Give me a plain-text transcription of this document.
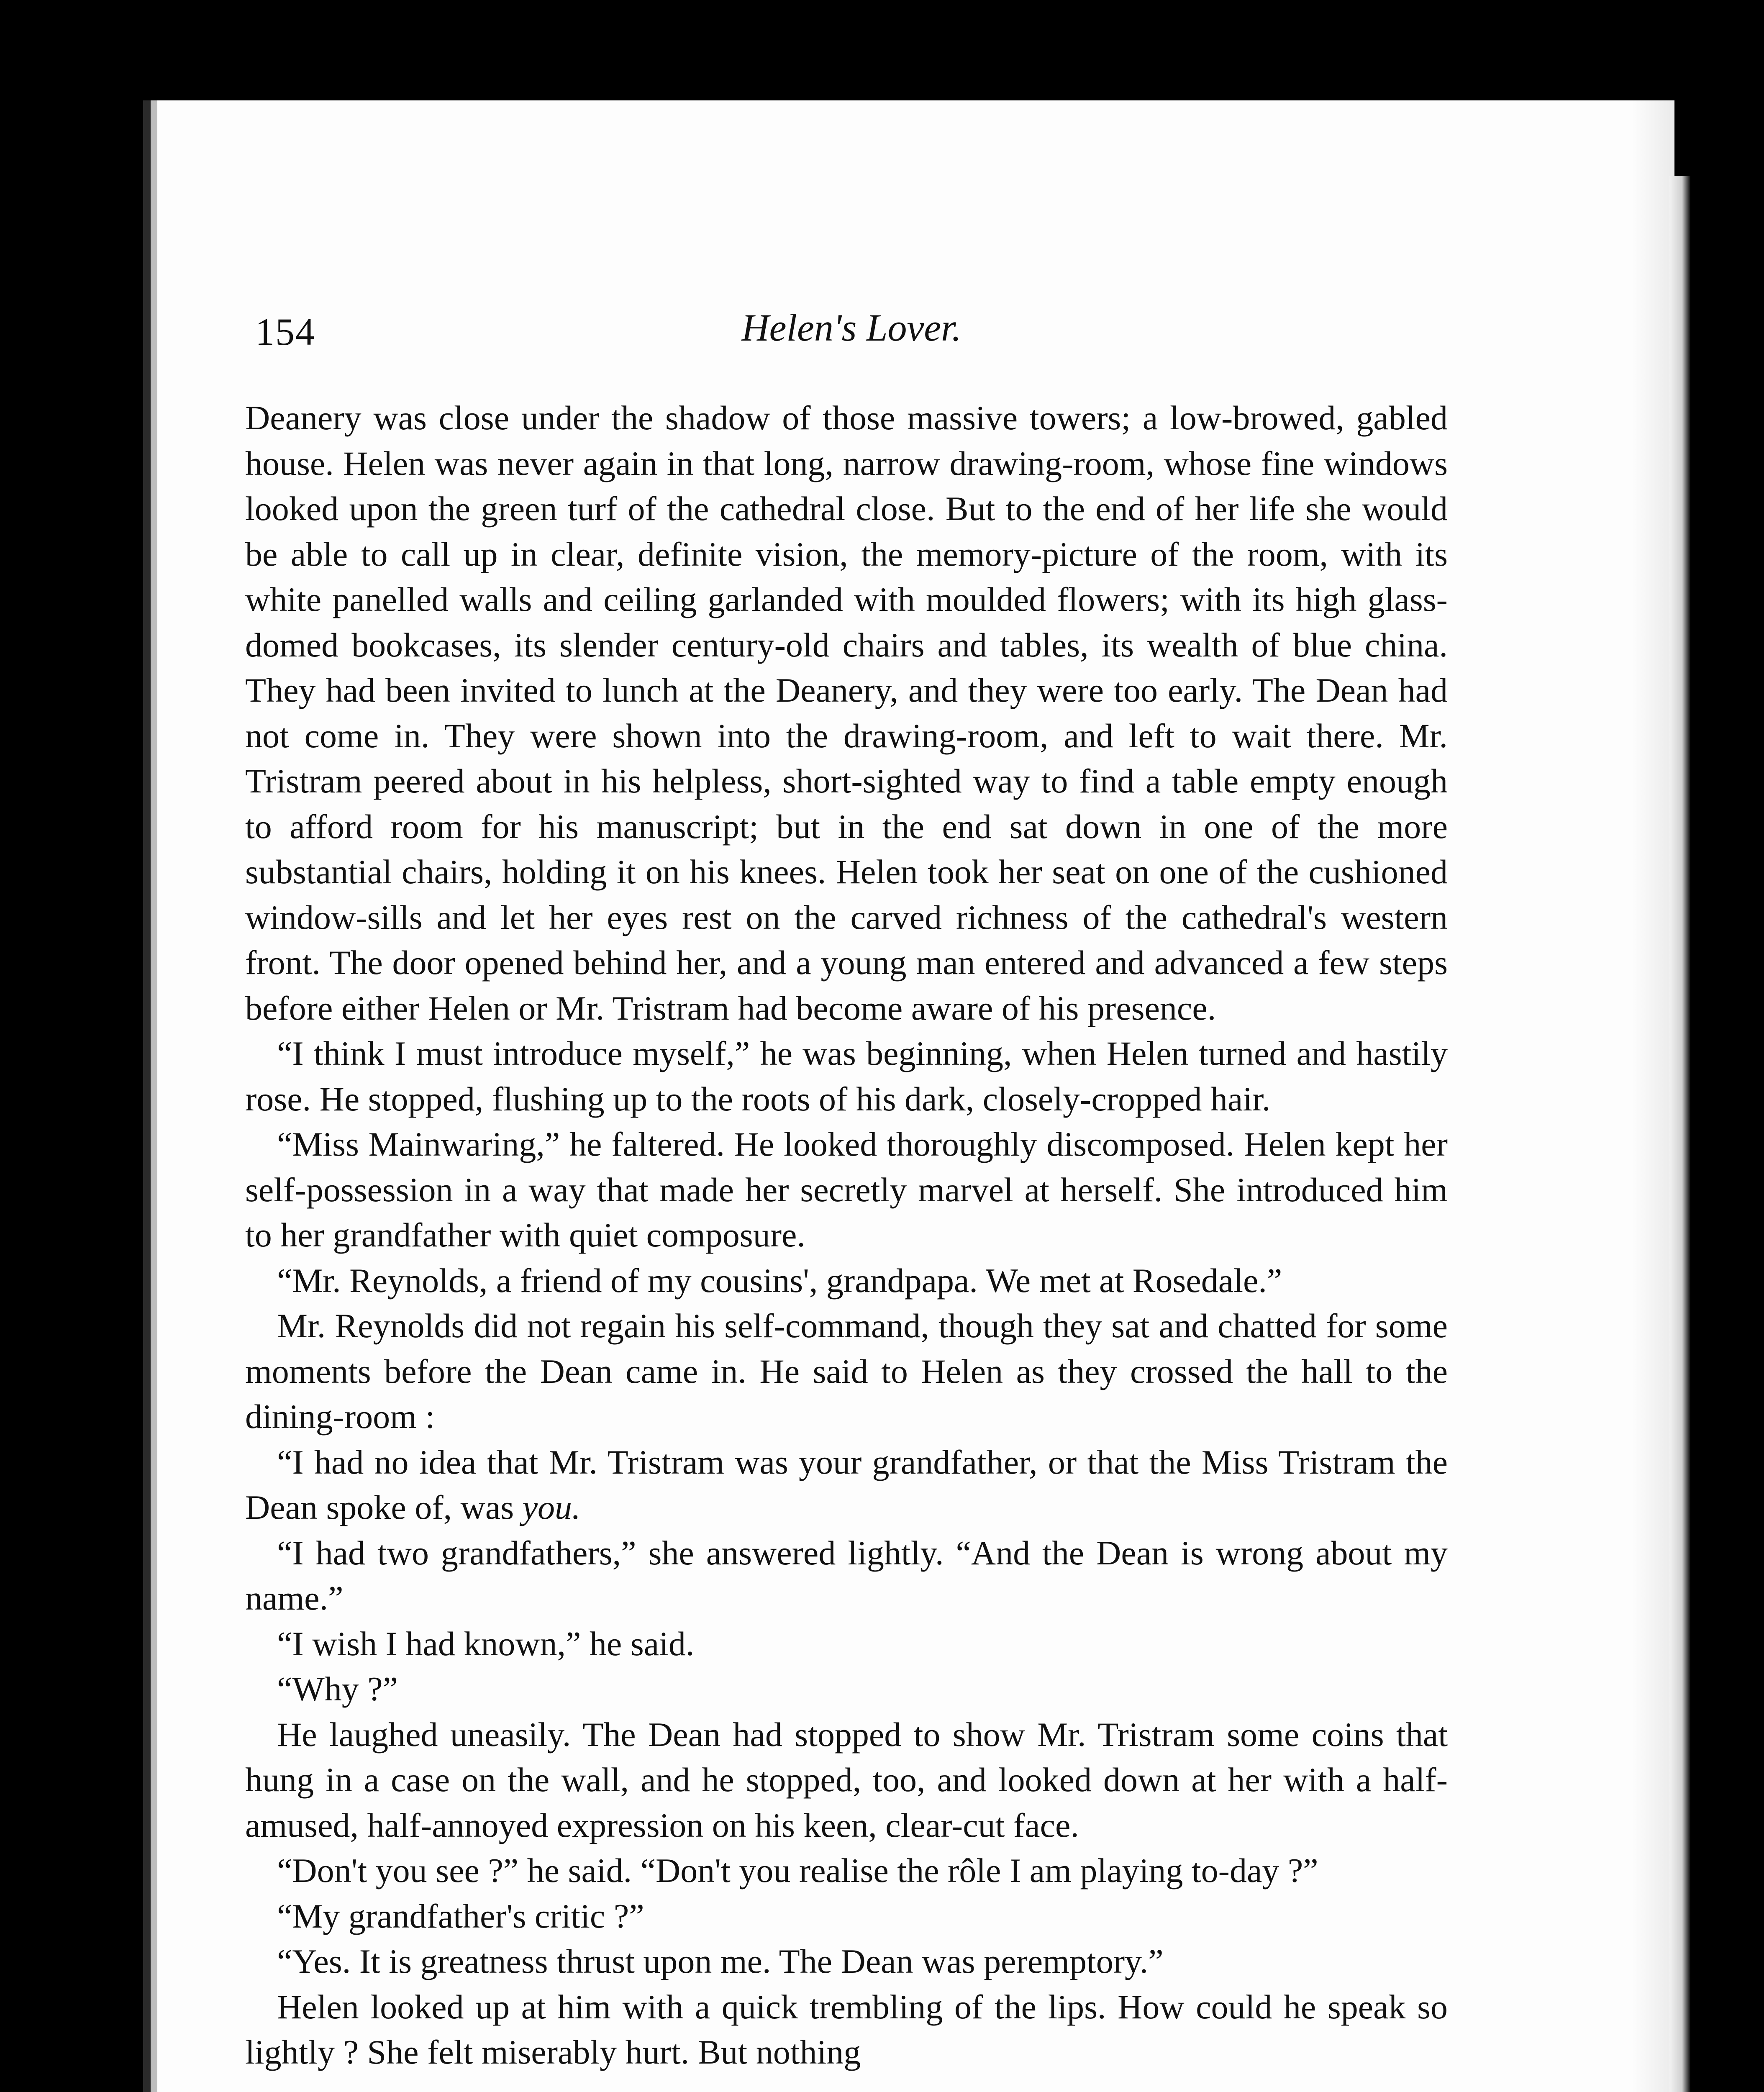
154	Helen's Lover.

Deanery was close under the shadow of those massive towers; a low-browed, gabled house. Helen was never again in that long, narrow drawing-room, whose fine windows looked upon the green turf of the cathedral close. But to the end of her life she would be able to call up in clear, definite vision, the memory-picture of the room, with its white panelled walls and ceiling garlanded with moulded flowers; with its high glass-domed bookcases, its slender century-old chairs and tables, its wealth of blue china. They had been invited to lunch at the Deanery, and they were too early. The Dean had not come in. They were shown into the drawing-room, and left to wait there. Mr. Tristram peered about in his helpless, short-sighted way to find a table empty enough to afford room for his manuscript; but in the end sat down in one of the more substantial chairs, holding it on his knees. Helen took her seat on one of the cushioned window-sills and let her eyes rest on the carved richness of the cathedral's western front. The door opened behind her, and a young man entered and advanced a few steps before either Helen or Mr. Tristram had become aware of his presence.

“I think I must introduce myself,” he was beginning, when Helen turned and hastily rose. He stopped, flushing up to the roots of his dark, closely-cropped hair.

“Miss Mainwaring,” he faltered. He looked thoroughly discomposed. Helen kept her self-possession in a way that made her secretly marvel at herself. She introduced him to her grandfather with quiet composure.

“Mr. Reynolds, a friend of my cousins', grandpapa. We met at Rosedale.”

Mr. Reynolds did not regain his self-command, though they sat and chatted for some moments before the Dean came in. He said to Helen as they crossed the hall to the dining-room :

“I had no idea that Mr. Tristram was your grandfather, or that the Miss Tristram the Dean spoke of, was you.

“I had two grandfathers,” she answered lightly. “And the Dean is wrong about my name.”

“I wish I had known,” he said.

“Why ?”

He laughed uneasily. The Dean had stopped to show Mr. Tristram some coins that hung in a case on the wall, and he stopped, too, and looked down at her with a half-amused, half-annoyed expression on his keen, clear-cut face.

“Don't you see ?” he said. “Don't you realise the rôle I am playing to-day ?”

“My grandfather's critic ?”

“Yes. It is greatness thrust upon me. The Dean was peremptory.”

Helen looked up at him with a quick trembling of the lips. How could he speak so lightly ? She felt miserably hurt. But nothing
